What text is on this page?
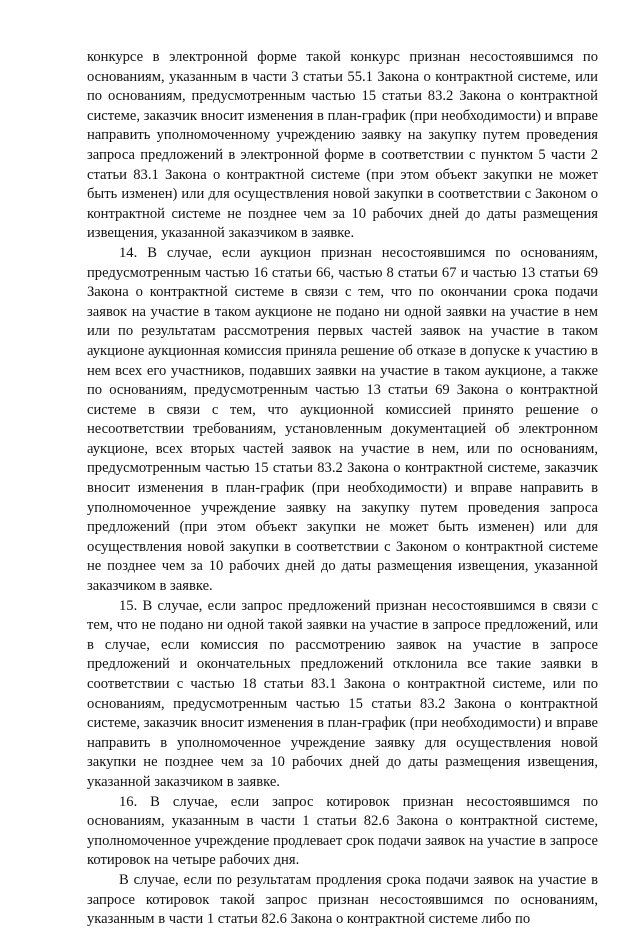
конкурсе в электронной форме такой конкурс признан несостоявшимся по основаниям, указанным в части 3 статьи 55.1 Закона о контрактной системе, или по основаниям, предусмотренным частью 15 статьи 83.2 Закона о контрактной системе, заказчик вносит изменения в план-график (при необходимости) и вправе направить уполномоченному учреждению заявку на закупку путем проведения запроса предложений в электронной форме в соответствии с пунктом 5 части 2 статьи 83.1 Закона о контрактной системе (при этом объект закупки не может быть изменен) или для осуществления новой закупки в соответствии с Законом о контрактной системе не позднее чем за 10 рабочих дней до даты размещения извещения, указанной заказчиком в заявке.

14. В случае, если аукцион признан несостоявшимся по основаниям, предусмотренным частью 16 статьи 66, частью 8 статьи 67 и частью 13 статьи 69 Закона о контрактной системе в связи с тем, что по окончании срока подачи заявок на участие в таком аукционе не подано ни одной заявки на участие в нем или по результатам рассмотрения первых частей заявок на участие в таком аукционе аукционная комиссия приняла решение об отказе в допуске к участию в нем всех его участников, подавших заявки на участие в таком аукционе, а также по основаниям, предусмотренным частью 13 статьи 69 Закона о контрактной системе в связи с тем, что аукционной комиссией принято решение о несоответствии требованиям, установленным документацией об электронном аукционе, всех вторых частей заявок на участие в нем, или по основаниям, предусмотренным частью 15 статьи 83.2 Закона о контрактной системе, заказчик вносит изменения в план-график (при необходимости) и вправе направить в уполномоченное учреждение заявку на закупку путем проведения запроса предложений (при этом объект закупки не может быть изменен) или для осуществления новой закупки в соответствии с Законом о контрактной системе не позднее чем за 10 рабочих дней до даты размещения извещения, указанной заказчиком в заявке.

15. В случае, если запрос предложений признан несостоявшимся в связи с тем, что не подано ни одной такой заявки на участие в запросе предложений, или в случае, если комиссия по рассмотрению заявок на участие в запросе предложений и окончательных предложений отклонила все такие заявки в соответствии с частью 18 статьи 83.1 Закона о контрактной системе, или по основаниям, предусмотренным частью 15 статьи 83.2 Закона о контрактной системе, заказчик вносит изменения в план-график (при необходимости) и вправе направить в уполномоченное учреждение заявку для осуществления новой закупки не позднее чем за 10 рабочих дней до даты размещения извещения, указанной заказчиком в заявке.

16. В случае, если запрос котировок признан несостоявшимся по основаниям, указанным в части 1 статьи 82.6 Закона о контрактной системе, уполномоченное учреждение продлевает срок подачи заявок на участие в запросе котировок на четыре рабочих дня.

В случае, если по результатам продления срока подачи заявок на участие в запросе котировок такой запрос признан несостоявшимся по основаниям, указанным в части 1 статьи 82.6 Закона о контрактной системе либо по
